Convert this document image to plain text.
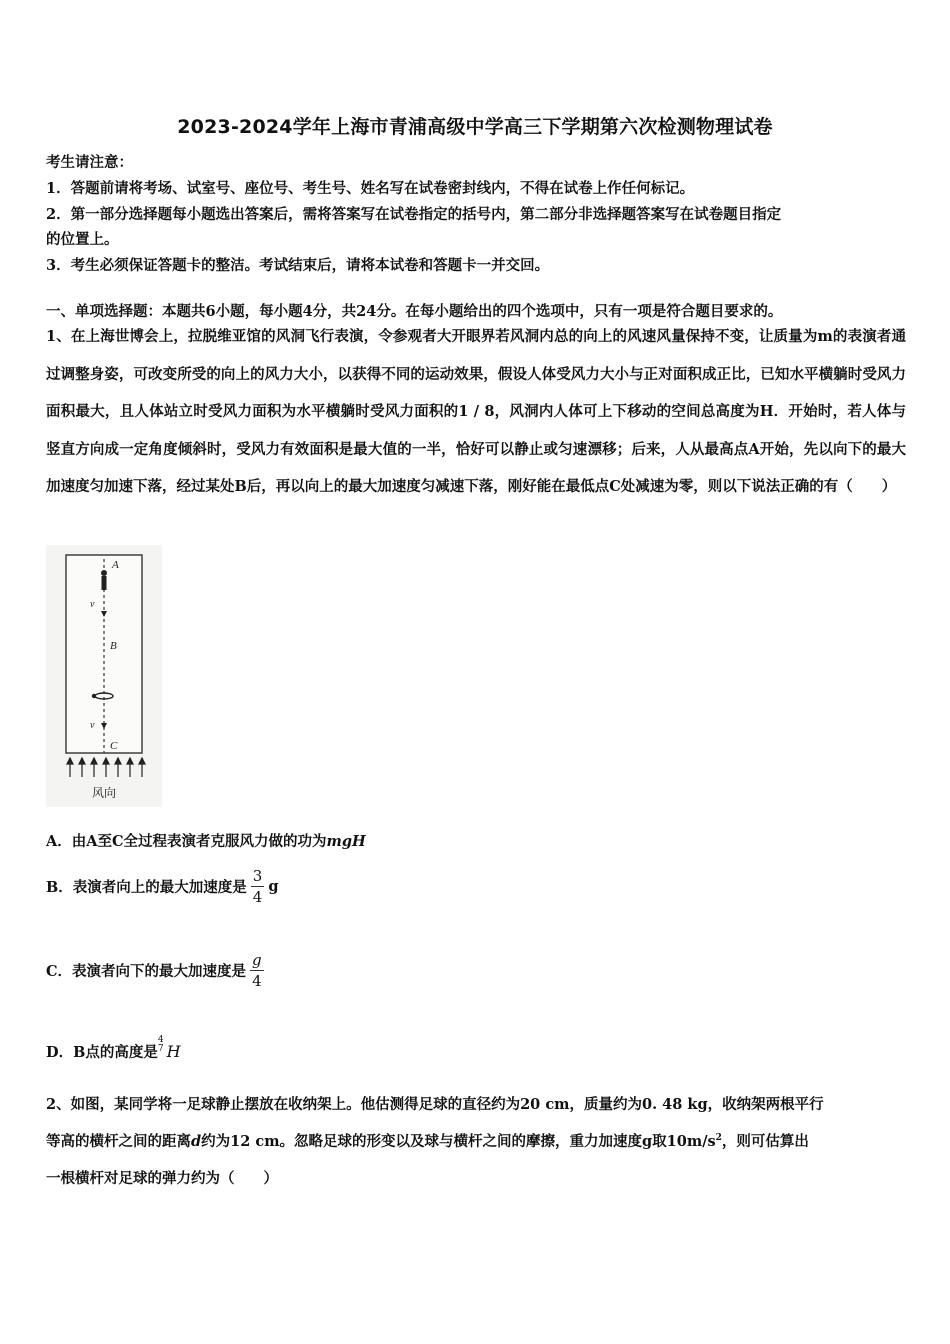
2023-2024学年上海市青浦高级中学高三下学期第六次检测物理试卷
考生请注意：
1．答题前请将考场、试室号、座位号、考生号、姓名写在试卷密封线内，不得在试卷上作任何标记。
2．第一部分选择题每小题选出答案后，需将答案写在试卷指定的括号内，第二部分非选择题答案写在试卷题目指定
的位置上。
3．考生必须保证答题卡的整洁。考试结束后，请将本试卷和答题卡一并交回。
一、单项选择题：本题共6小题，每小题4分，共24分。在每小题给出的四个选项中，只有一项是符合题目要求的。
1、在上海世博会上，拉脱维亚馆的风洞飞行表演，令参观者大开眼界若风洞内总的向上的风速风量保持不变，让质量为m的表演者通过调整身姿，可改变所受的向上的风力大小，以获得不同的运动效果，假设人体受风力大小与正对面积成正比，已知水平横躺时受风力面积最大，且人体站立时受风力面积为水平横躺时受风力面积的1 / 8，风洞内人体可上下移动的空间总高度为H．开始时，若人体与竖直方向成一定角度倾斜时，受风力有效面积是最大值的一半，恰好可以静止或匀速漂移；后来，人从最高点A开始，先以向下的最大加速度匀加速下落，经过某处B后，再以向上的最大加速度匀减速下落，刚好能在最低点C处减速为零，则以下说法正确的有（　　）
A
v
B
v
C
风向
A．由A至C全过程表演者克服风力做的功为mgH
B．表演者向上的最大加速度是 $\frac{3}{4}$ g
C．表演者向下的最大加速度是 $\frac{g}{4}$
D．B点的高度是
4
7 H
2、如图，某同学将一足球静止摆放在收纳架上。他估测得足球的直径约为20 cm，质量约为0. 48 kg，收纳架两根平行
等高的横杆之间的距离d约为12 cm。忽略足球的形变以及球与横杆之间的摩擦，重力加速度g取$10m/s^2$，则可估算出
一根横杆对足球的弹力约为（　　）
